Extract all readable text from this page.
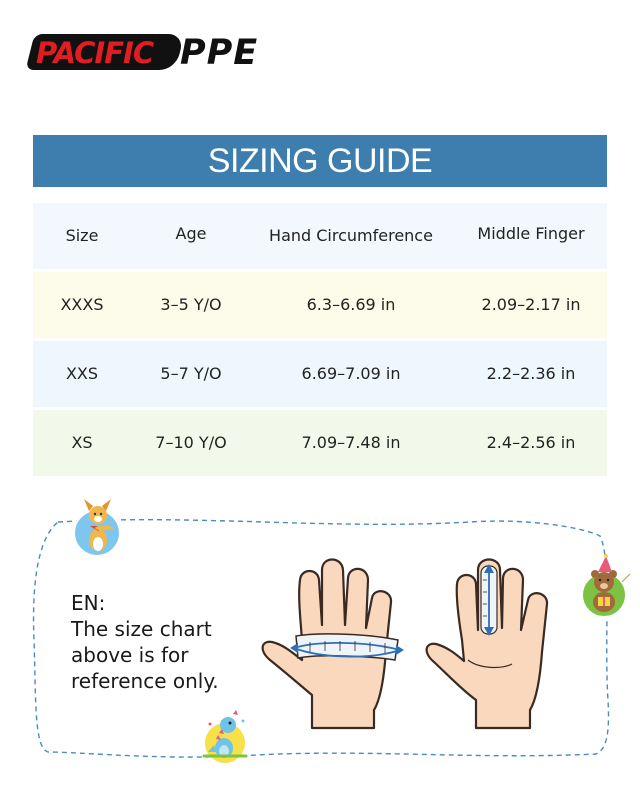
PACIFIC PPE
SIZING GUIDE
Size	Age	Hand Circumference	Middle Finger
XXXS	3–5 Y/O	6.3–6.69 in	2.09–2.17 in
XXS	5–7 Y/O	6.69–7.09 in	2.2–2.36 in
XS	7–10 Y/O	7.09–7.48 in	2.4–2.56 in
EN:
The size chart
above is for
reference only.
